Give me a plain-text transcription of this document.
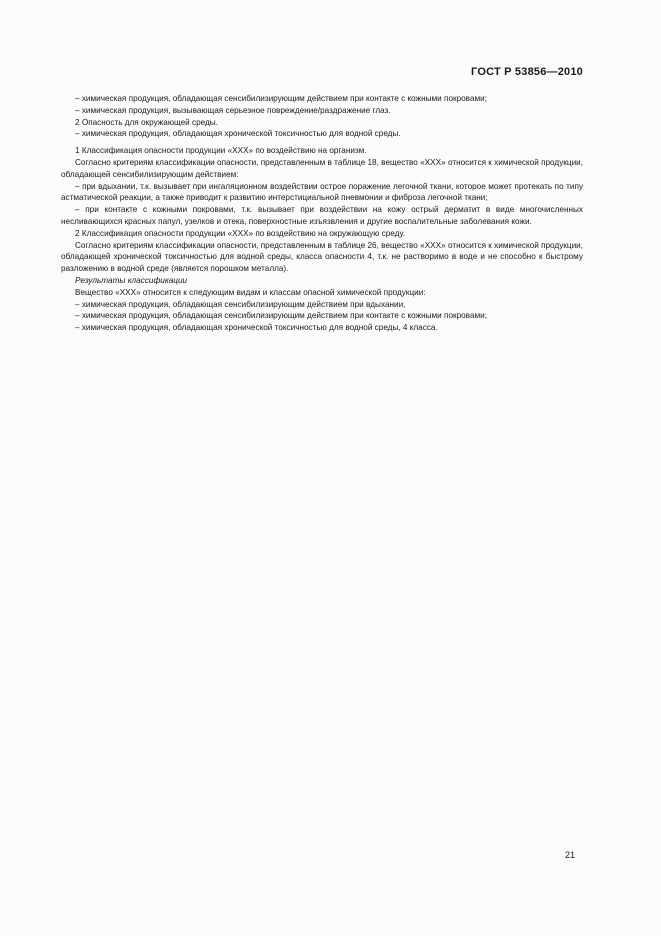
ГОСТ Р 53856—2010

– химическая продукция, обладающая сенсибилизирующим действием при контакте с кожными покровами;

– химическая продукция, вызывающая серьезное повреждение/раздражение глаз.

2 Опасность для окружающей среды.

– химическая продукция, обладающая хронической токсичностью для водной среды.

1 Классификация опасности продукции «ХХХ» по воздействию на организм.

Согласно критериям классификации опасности, представленным в таблице 18, вещество «ХХХ» относится к химической продукции, обладающей сенсибилизирующим действием:

– при вдыхании, т.к. вызывает при ингаляционном воздействии острое поражение легочной ткани, которое может протекать по типу астматической реакции, а также приводит к развитию интерстициальной пневмонии и фиброза легочной ткани;

– при контакте с кожными покровами, т.к. вызывает при воздействии на кожу острый дерматит в виде многочисленных несливающихся красных папул, узелков и отека, поверхностные изъязвления и другие воспалительные заболевания кожи.

2 Классификация опасности продукции «ХХХ» по воздействию на окружающую среду.

Согласно критериям классификации опасности, представленным в таблице 26, вещество «ХХХ» относится к химической продукции, обладающей хронической токсичностью для водной среды, класса опасности 4, т.к. не растворимо в воде и не способно к быстрому разложению в водной среде (является порошком металла).

Результаты классификации

Вещество «ХХХ» относится к следующим видам и классам опасной химической продукции:

– химическая продукция, обладающая сенсибилизирующим действием при вдыхании,

– химическая продукция, обладающая сенсибилизирующим действием при контакте с кожными покровами;

– химическая продукция, обладающая хронической токсичностью для водной среды, 4 класса.

21
